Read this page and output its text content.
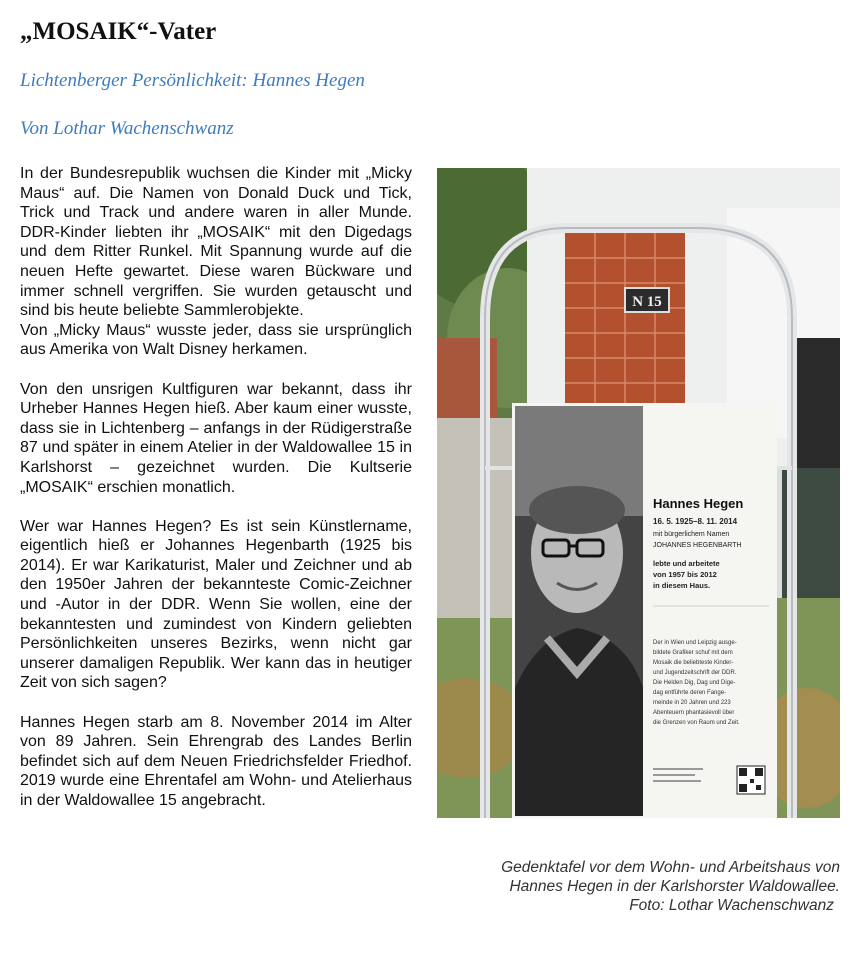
„MOSAIK“-Vater
Lichtenberger Persönlichkeit: Hannes Hegen
Von Lothar Wachenschwanz

In der Bundesrepublik wuchsen die Kinder mit „Micky Maus“ auf. Die Namen von Donald Duck und Tick, Trick und Track und andere waren in aller Munde. DDR-Kinder liebten ihr „MOSAIK“ mit den Digedags und dem Ritter Runkel. Mit Spannung wurde auf die neuen Hefte gewartet. Diese waren Bückware und immer schnell vergriffen. Sie wurden getauscht und sind bis heute beliebte Sammlerobjekte.

Von „Micky Maus“ wusste jeder, dass sie ursprünglich aus Amerika von Walt Disney herkamen.

Von den unsrigen Kultfiguren war bekannt, dass ihr Urheber Hannes Hegen hieß. Aber kaum einer wusste, dass sie in Lichtenberg – anfangs in der Rüdigerstraße 87 und später in einem Atelier in der Waldowallee 15 in Karlshorst – gezeichnet wurden. Die Kultserie „MOSAIK“ erschien monatlich.

Wer war Hannes Hegen? Es ist sein Künstlername, eigentlich hieß er Johannes Hegenbarth (1925 bis 2014). Er war Karikaturist, Maler und Zeichner und ab den 1950er Jahren der bekannteste Comic-Zeichner und -Autor in der DDR. Wenn Sie wollen, eine der bekanntesten und zumindest von Kindern geliebten Persönlichkeiten unseres Bezirks, wenn nicht gar unserer damaligen Republik. Wer kann das in heutiger Zeit von sich sagen?

Hannes Hegen starb am 8. November 2014 im Alter von 89 Jahren. Sein Ehrengrab des Landes Berlin befindet sich auf dem Neuen Friedrichsfelder Friedhof. 2019 wurde eine Ehrentafel am Wohn- und Atelierhaus in der Waldowallee 15 angebracht.

N 15
Hannes Hegen
16. 5. 1925–8. 11. 2014
mit bürgerlichem Namen
JOHANNES HEGENBARTH
lebte und arbeitete
von 1957 bis 2012
in diesem Haus.
Der in Wien und Leipzig ausge-
bildete Grafiker schuf mit dem
Mosaik die beliebteste Kinder-
und Jugendzeitschrift der DDR.
Die Helden Dig, Dag und Dige-
dag entführte deren Fange-
meinde in 20 Jahren und 223
Abenteuern phantasievoll über
die Grenzen von Raum und Zeit.
Gedenktafel vor dem Wohn- und Arbeitshaus von
Hannes Hegen in der Karlshorster Waldowallee.
Foto: Lothar Wachenschwanz
